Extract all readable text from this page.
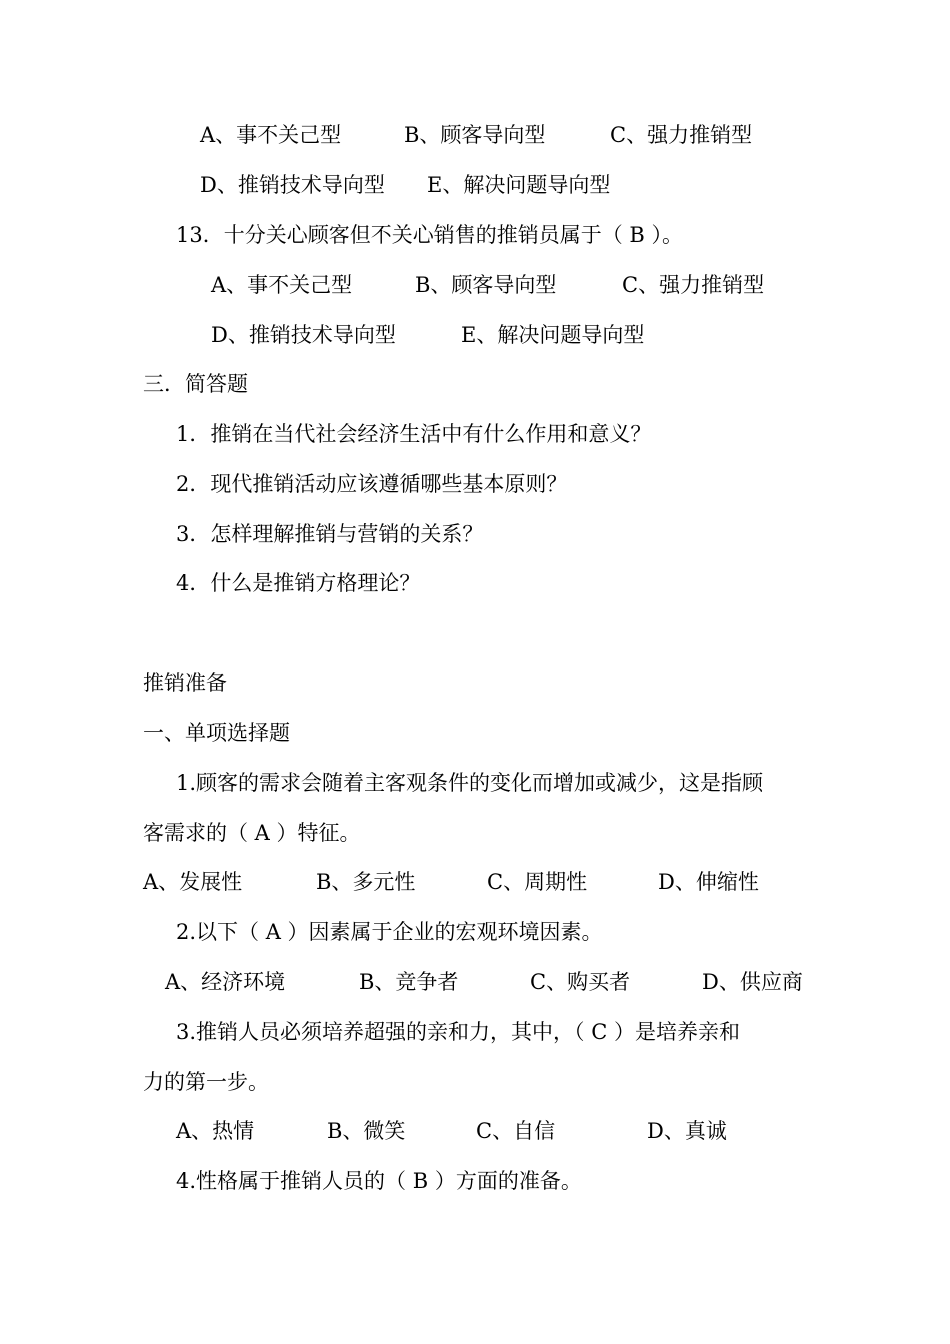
A、事不关己型	B、顾客导向型	C、强力推销型
D、推销技术导向型 E、解决问题导向型
13．十分关心顾客但不关心销售的推销员属于（ B ）。
A、事不关己型	B、顾客导向型	C、强力推销型
D、推销技术导向型	E、解决问题导向型
三．简答题
1．推销在当代社会经济生活中有什么作用和意义？
2．现代推销活动应该遵循哪些基本原则？
3．怎样理解推销与营销的关系？
4．什么是推销方格理论？
推销准备
一、单项选择题
1.顾客的需求会随着主客观条件的变化而增加或减少，这是指顾
客需求的（ A ）特征。
A、发展性	B、多元性	C、周期性	D、伸缩性
2.以下（ A ）因素属于企业的宏观环境因素。
A、经济环境	B、竞争者	C、购买者	D、供应商
3.推销人员必须培养超强的亲和力，其中，（ C ）是培养亲和
力的第一步。
A、热情	B、微笑	C、自信	D、真诚
4.性格属于推销人员的（ B ）方面的准备。
